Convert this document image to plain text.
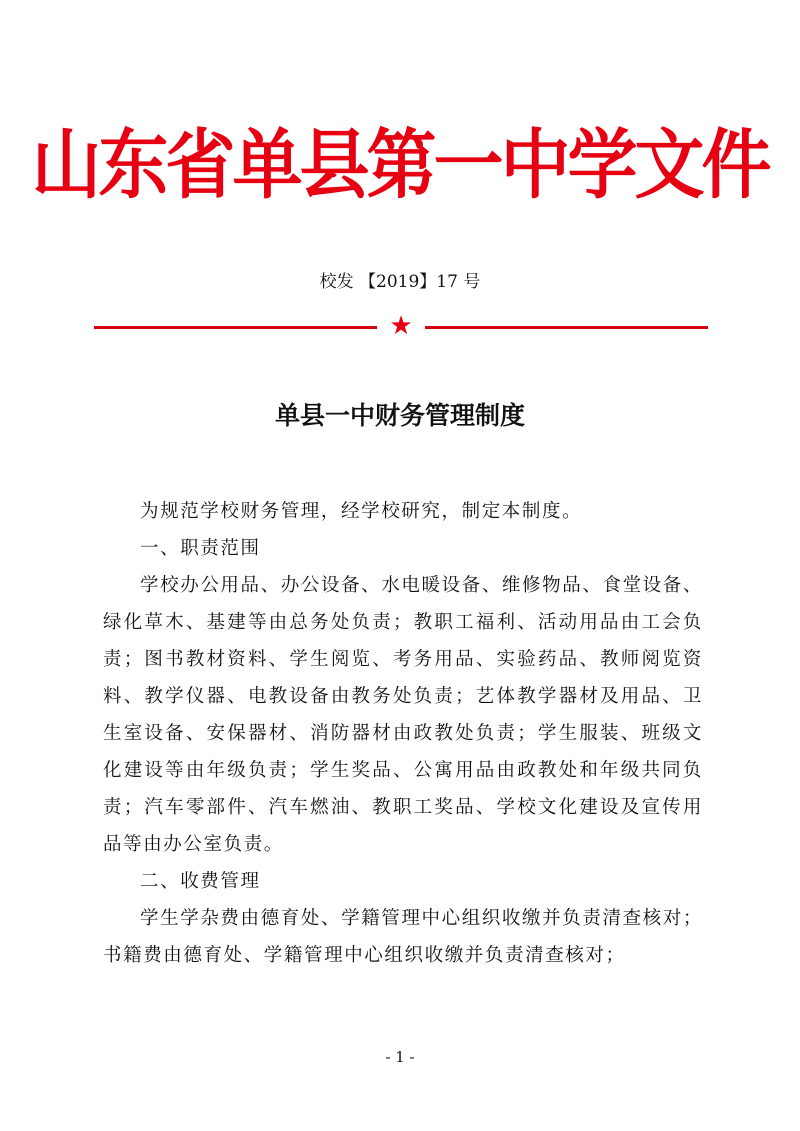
山东省单县第一中学文件
校发 【2019】17 号
★
单县一中财务管理制度

为规范学校财务管理，经学校研究，制定本制度。

一、职责范围

学校办公用品、办公设备、水电暖设备、维修物品、食堂设备、绿化草木、基建等由总务处负责；教职工福利、活动用品由工会负责；图书教材资料、学生阅览、考务用品、实验药品、教师阅览资料、教学仪器、电教设备由教务处负责；艺体教学器材及用品、卫生室设备、安保器材、消防器材由政教处负责；学生服装、班级文化建设等由年级负责；学生奖品、公寓用品由政教处和年级共同负责；汽车零部件、汽车燃油、教职工奖品、学校文化建设及宣传用品等由办公室负责。

二、收费管理

学生学杂费由德育处、学籍管理中心组织收缴并负责清查核对；书籍费由德育处、学籍管理中心组织收缴并负责清查核对；

- 1 -
